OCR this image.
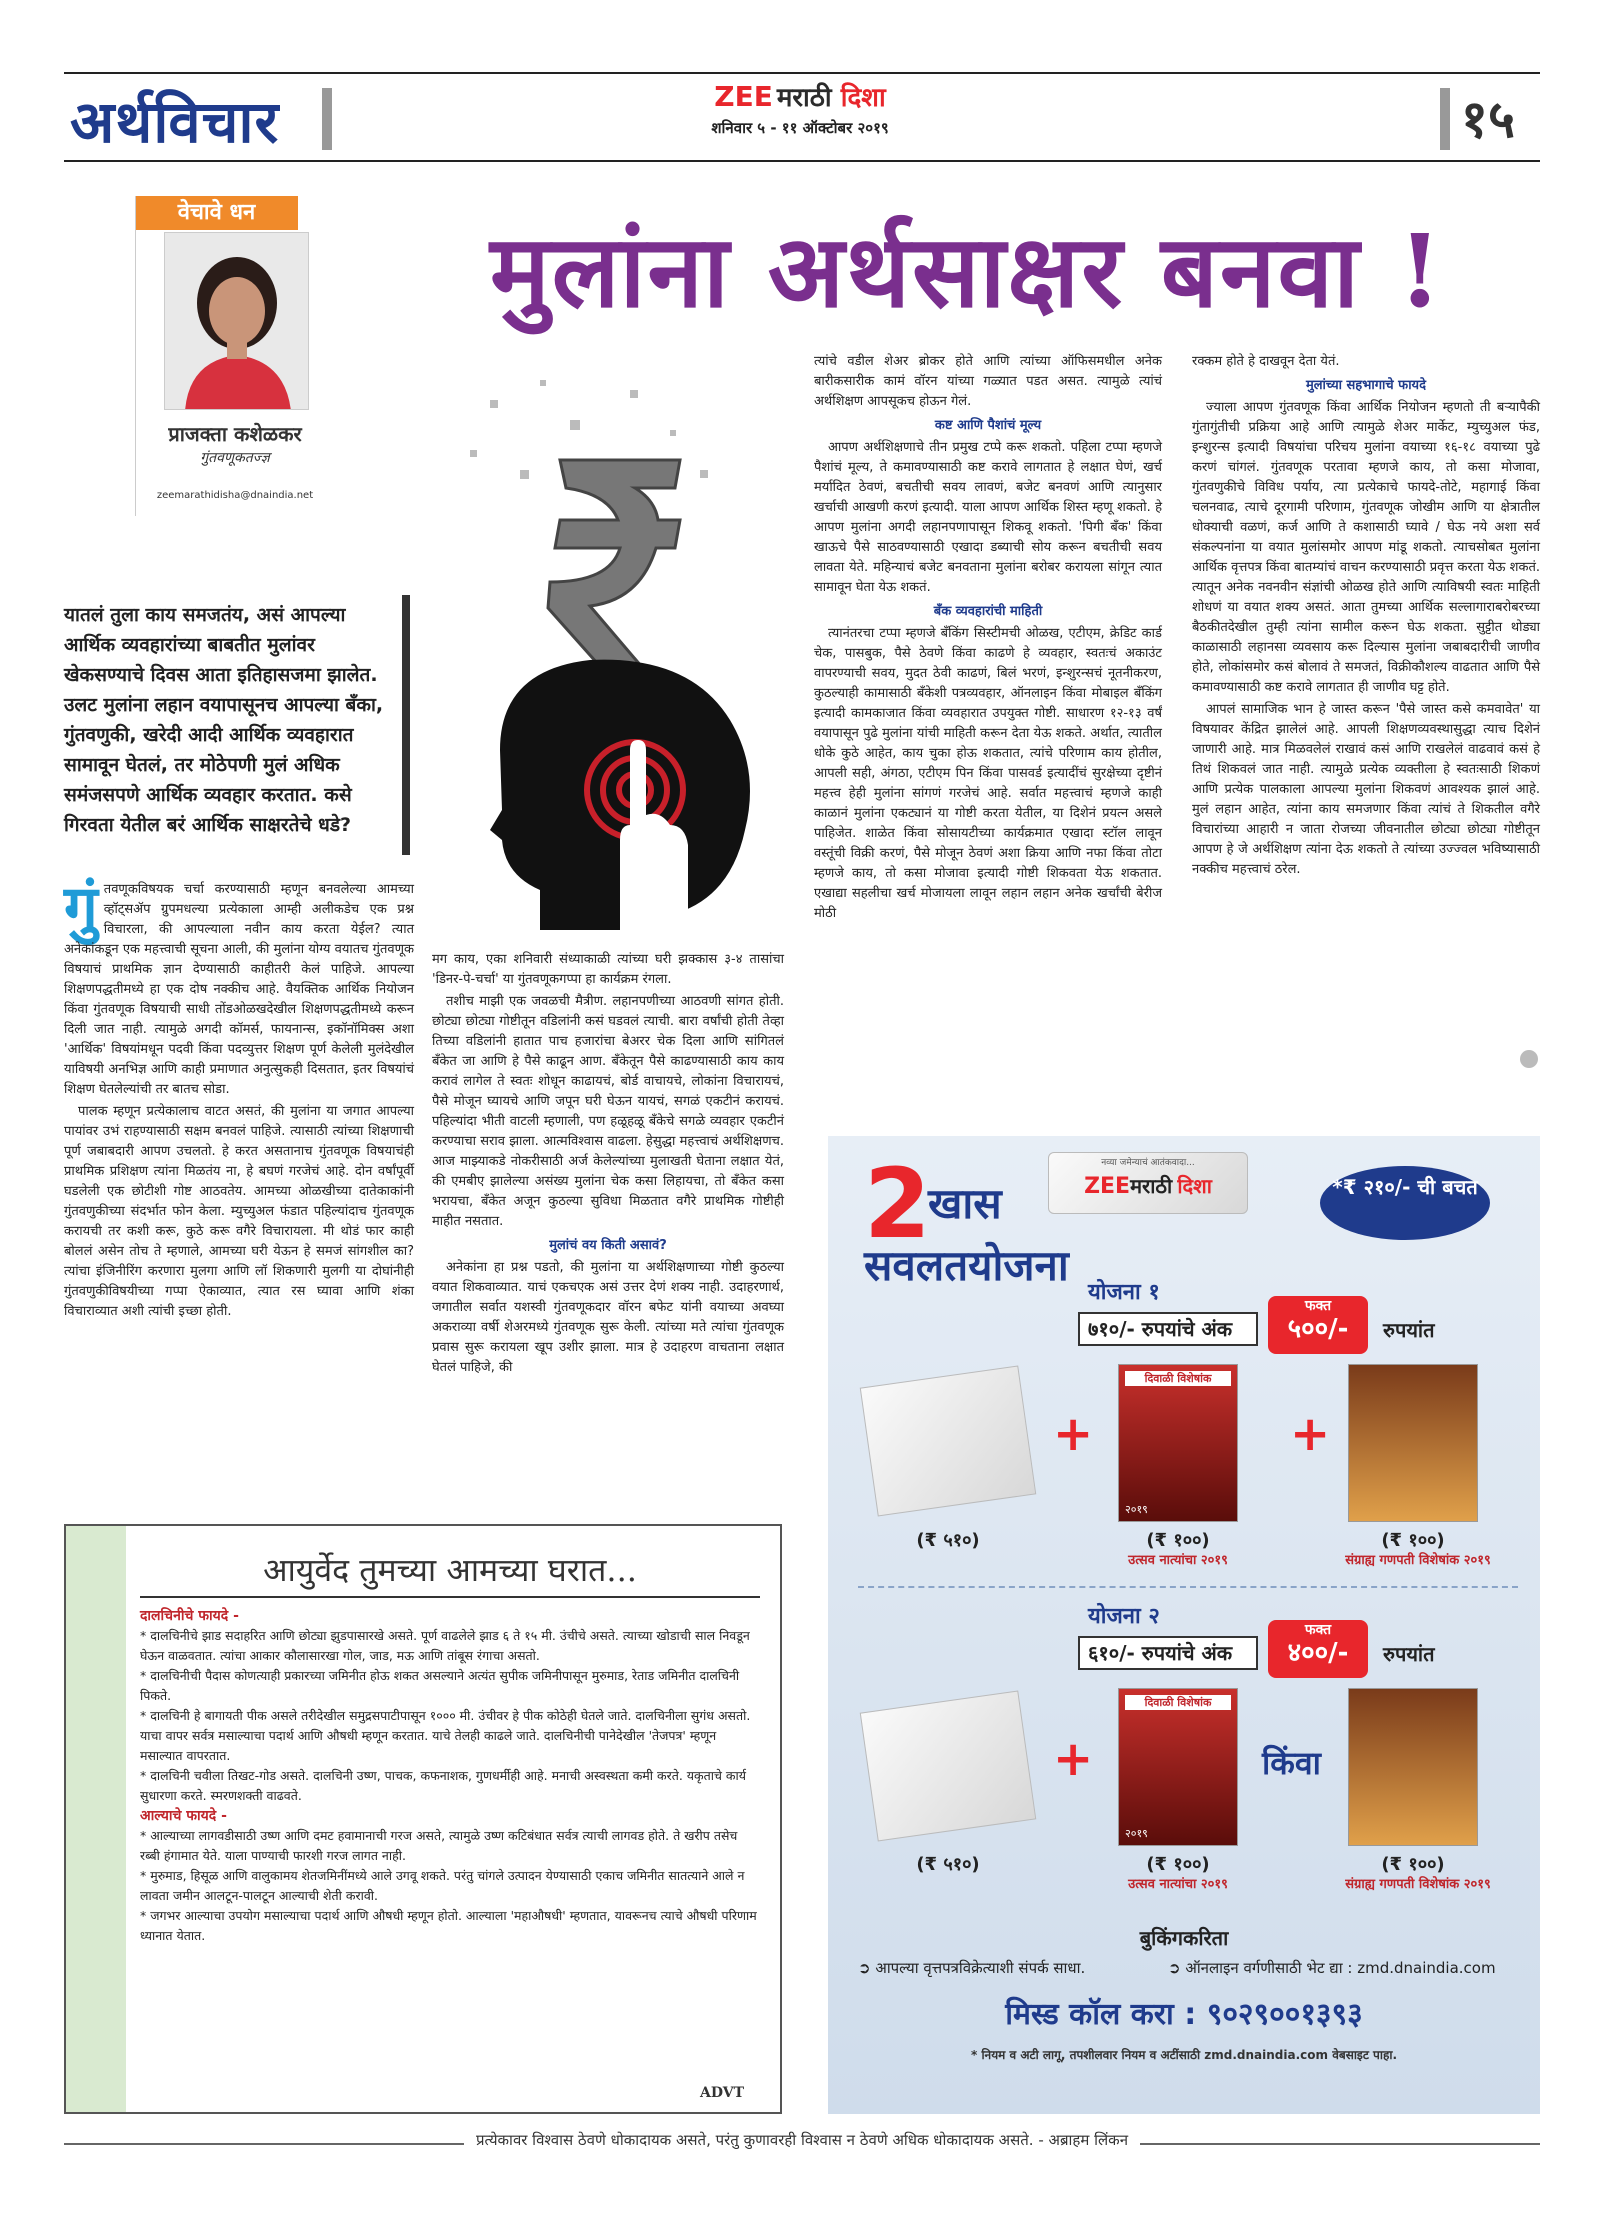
अर्थविचार	ZEE मराठी दिशा
शनिवार ५ - ११ ऑक्टोबर २०१९	१५
वेचावे धन
प्राजक्ता कशेळकर
गुंतवणूकतज्ज्ञ
zeemarathidisha@dnaindia.net
मुलांना अर्थसाक्षर बनवा !
यातलं तुला काय समजतंय, असं आपल्या आर्थिक व्यवहारांच्या बाबतीत मुलांवर खेकसण्याचे दिवस आता इतिहासजमा झालेत. उलट मुलांना लहान वयापासूनच आपल्या बँका, गुंतवणुकी, खरेदी आदी आर्थिक व्यवहारात सामावून घेतलं, तर मोठेपणी मुलं अधिक समंजसपणे आर्थिक व्यवहार करतात. कसे गिरवता येतील बरं आर्थिक साक्षरतेचे धडे?

गुंतवणूकविषयक चर्चा करण्यासाठी म्हणून बनवलेल्या आमच्या व्हॉट्सॲप ग्रुपमधल्या प्रत्येकाला आम्ही अलीकडेच एक प्रश्न विचारला, की आपल्याला नवीन काय करता येईल? त्यात अनेकांकडून एक महत्त्वाची सूचना आली, की मुलांना योग्य वयातच गुंतवणूक विषयाचं प्राथमिक ज्ञान देण्यासाठी काहीतरी केलं पाहिजे. आपल्या शिक्षणपद्धतीमध्ये हा एक दोष नक्कीच आहे. वैयक्तिक आर्थिक नियोजन किंवा गुंतवणूक विषयाची साधी तोंडओळखदेखील शिक्षणपद्धतीमध्ये करून दिली जात नाही. त्यामुळे अगदी कॉमर्स, फायनान्स, इकॉनॉमिक्स अशा 'आर्थिक' विषयांमधून पदवी किंवा पदव्युत्तर शिक्षण पूर्ण केलेली मुलंदेखील याविषयी अनभिज्ञ आणि काही प्रमाणात अनुत्सुकही दिसतात, इतर विषयांचं शिक्षण घेतलेल्यांची तर बातच सोडा.

पालक म्हणून प्रत्येकालाच वाटत असतं, की मुलांना या जगात आपल्या पायांवर उभं राहण्यासाठी सक्षम बनवलं पाहिजे. त्यासाठी त्यांच्या शिक्षणाची पूर्ण जबाबदारी आपण उचलतो. हे करत असतानाच गुंतवणूक विषयाचंही प्राथमिक प्रशिक्षण त्यांना मिळतंय ना, हे बघणं गरजेचं आहे. दोन वर्षांपूर्वी घडलेली एक छोटीशी गोष्ट आठवतेय. आमच्या ओळखीच्या दातेकाकांनी गुंतवणुकीच्या संदर्भात फोन केला. म्युच्युअल फंडात पहिल्यांदाच गुंतवणूक करायची तर कशी करू, कुठे करू वगैरे विचारायला. मी थोडं फार काही बोललं असेन तोच ते म्हणाले, आमच्या घरी येऊन हे समजं सांगशील का? त्यांचा इंजिनीरिंग करणारा मुलगा आणि लॉ शिकणारी मुलगी या दोघांनीही गुंतवणुकीविषयीच्या गप्पा ऐकाव्यात, त्यात रस घ्यावा आणि शंका विचाराव्यात अशी त्यांची इच्छा होती.

मग काय, एका शनिवारी संध्याकाळी त्यांच्या घरी झक्कास ३-४ तासांचा 'डिनर-पे-चर्चा' या गुंतवणूकगप्पा हा कार्यक्रम रंगला.

तशीच माझी एक जवळची मैत्रीण. लहानपणीच्या आठवणी सांगत होती. छोट्या छोट्या गोष्टीतून वडिलांनी कसं घडवलं त्याची. बारा वर्षांची होती तेव्हा तिच्या वडिलांनी हातात पाच हजारांचा बेअरर चेक दिला आणि सांगितलं बँकेत जा आणि हे पैसे काढून आण. बँकेतून पैसे काढण्यासाठी काय काय करावं लागेल ते स्वतः शोधून काढायचं, बोर्ड वाचायचे, लोकांना विचारायचं, पैसे मोजून घ्यायचे आणि जपून घरी घेऊन यायचं, सगळं एकटीनं करायचं. पहिल्यांदा भीती वाटली म्हणाली, पण हळूहळू बँकेचे सगळे व्यवहार एकटीनं करण्याचा सराव झाला. आत्मविश्वास वाढला. हेसुद्धा महत्त्वाचं अर्थशिक्षणच. आज माझ्याकडे नोकरीसाठी अर्ज केलेल्यांच्या मुलाखती घेताना लक्षात येतं, की एमबीए झालेल्या असंख्य मुलांना चेक कसा लिहायचा, तो बँकेत कसा भरायचा, बँकेत अजून कुठल्या सुविधा मिळतात वगैरे प्राथमिक गोष्टीही माहीत नसतात.

मुलांचं वय किती असावं?

अनेकांना हा प्रश्न पडतो, की मुलांना या अर्थशिक्षणाच्या गोष्टी कुठल्या वयात शिकवाव्यात. याचं एकचएक असं उत्तर देणं शक्य नाही. उदाहरणार्थ, जगातील सर्वात यशस्वी गुंतवणूकदार वॉरन बफेट यांनी वयाच्या अवघ्या अकराव्या वर्षी शेअरमध्ये गुंतवणूक सुरू केली. त्यांच्या मते त्यांचा गुंतवणूक प्रवास सुरू करायला खूप उशीर झाला. मात्र हे उदाहरण वाचताना लक्षात घेतलं पाहिजे, की

त्यांचे वडील शेअर ब्रोकर होते आणि त्यांच्या ऑफिसमधील अनेक बारीकसारीक कामं वॉरन यांच्या गळ्यात पडत असत. त्यामुळे त्यांचं अर्थशिक्षण आपसूकच होऊन गेलं.

कष्ट आणि पैशांचं मूल्य

आपण अर्थशिक्षणाचे तीन प्रमुख टप्पे करू शकतो. पहिला टप्पा म्हणजे पैशांचं मूल्य, ते कमावण्यासाठी कष्ट करावे लागतात हे लक्षात घेणं, खर्च मर्यादित ठेवणं, बचतीची सवय लावणं, बजेट बनवणं आणि त्यानुसार खर्चाची आखणी करणं इत्यादी. याला आपण आर्थिक शिस्त म्हणू शकतो. हे आपण मुलांना अगदी लहानपणापासून शिकवू शकतो. 'पिगी बँक' किंवा खाऊचे पैसे साठवण्यासाठी एखादा डब्याची सोय करून बचतीची सवय लावता येते. महिन्याचं बजेट बनवताना मुलांना बरोबर करायला सांगून त्यात सामावून घेता येऊ शकतं.

बँक व्यवहारांची माहिती

त्यानंतरचा टप्पा म्हणजे बँकिंग सिस्टीमची ओळख, एटीएम, क्रेडिट कार्ड चेक, पासबुक, पैसे ठेवणे किंवा काढणे हे व्यवहार, स्वतःचं अकाउंट वापरण्याची सवय, मुदत ठेवी काढणं, बिलं भरणं, इन्शुरन्सचं नूतनीकरण, कुठल्याही कामासाठी बँकेशी पत्रव्यवहार, ऑनलाइन किंवा मोबाइल बँकिंग इत्यादी कामकाजात किंवा व्यवहारात उपयुक्त गोष्टी. साधारण १२-१३ वर्षं वयापासून पुढे मुलांना यांची माहिती करून देता येऊ शकते. अर्थात, त्यातील धोके कुठे आहेत, काय चुका होऊ शकतात, त्यांचे परिणाम काय होतील, आपली सही, अंगठा, एटीएम पिन किंवा पासवर्ड इत्यादींचं सुरक्षेच्या दृष्टीनं महत्त्व हेही मुलांना सांगणं गरजेचं आहे. सर्वात महत्त्वाचं म्हणजे काही काळानं मुलांना एकट्यानं या गोष्टी करता येतील, या दिशेनं प्रयत्न असले पाहिजेत. शाळेत किंवा सोसायटीच्या कार्यक्रमात एखादा स्टॉल लावून वस्तूंची विक्री करणं, पैसे मोजून ठेवणं अशा क्रिया आणि नफा किंवा तोटा म्हणजे काय, तो कसा मोजावा इत्यादी गोष्टी शिकवता येऊ शकतात. एखाद्या सहलीचा खर्च मोजायला लावून लहान लहान अनेक खर्चांची बेरीज मोठी

रक्कम होते हे दाखवून देता येतं.

मुलांच्या सहभागाचे फायदे

ज्याला आपण गुंतवणूक किंवा आर्थिक नियोजन म्हणतो ती बऱ्यापैकी गुंतागुंतीची प्रक्रिया आहे आणि त्यामुळे शेअर मार्केट, म्युच्युअल फंड, इन्शुरन्स इत्यादी विषयांचा परिचय मुलांना वयाच्या १६-१८ वयाच्या पुढे करणं चांगलं. गुंतवणूक परतावा म्हणजे काय, तो कसा मोजावा, गुंतवणुकीचे विविध पर्याय, त्या प्रत्येकाचे फायदे-तोटे, महागाई किंवा चलनवाढ, त्याचे दूरगामी परिणाम, गुंतवणूक जोखीम आणि या क्षेत्रातील धोक्याची वळणं, कर्ज आणि ते कशासाठी घ्यावे / घेऊ नये अशा सर्व संकल्पनांना या वयात मुलांसमोर आपण मांडू शकतो. त्याचसोबत मुलांना आर्थिक वृत्तपत्र किंवा बातम्यांचं वाचन करण्यासाठी प्रवृत्त करता येऊ शकतं. त्यातून अनेक नवनवीन संज्ञांची ओळख होते आणि त्याविषयी स्वतः माहिती शोधणं या वयात शक्य असतं. आता तुमच्या आर्थिक सल्लागाराबरोबरच्या बैठकीतदेखील तुम्ही त्यांना सामील करून घेऊ शकता. सुट्टीत थोड्या काळासाठी लहानसा व्यवसाय करू दिल्यास मुलांना जबाबदारीची जाणीव होते, लोकांसमोर कसं बोलावं ते समजतं, विक्रीकौशल्य वाढतात आणि पैसे कमावण्यासाठी कष्ट करावे लागतात ही जाणीव घट्ट होते.

आपलं सामाजिक भान हे जास्त करून 'पैसे जास्त कसे कमवावेत' या विषयावर केंद्रित झालेलं आहे. आपली शिक्षणव्यवस्थासुद्धा त्याच दिशेनं जाणारी आहे. मात्र मिळवलेलं राखावं कसं आणि राखलेलं वाढवावं कसं हे तिथं शिकवलं जात नाही. त्यामुळे प्रत्येक व्यक्तीला हे स्वतःसाठी शिकणं आणि प्रत्येक पालकाला आपल्या मुलांना शिकवणं आवश्यक झालं आहे. मुलं लहान आहेत, त्यांना काय समजणार किंवा त्यांचं ते शिकतील वगैरे विचारांच्या आहारी न जाता रोजच्या जीवनातील छोट्या छोट्या गोष्टीतून आपण हे जे अर्थशिक्षण त्यांना देऊ शकतो ते त्यांच्या उज्ज्वल भविष्यासाठी नक्कीच महत्त्वाचं ठरेल.

आयुर्वेद तुमच्या आमच्या घरात...
दालचिनीचे फायदे -
* दालचिनीचे झाड सदाहरित आणि छोट्या झुडपासारखे असते. पूर्ण वाढलेले झाड ६ ते १५ मी. उंचीचे असते. त्याच्या खोडाची साल निवडून घेऊन वाळवतात. त्यांचा आकार कौलासारखा गोल, जाड, मऊ आणि तांबूस रंगाचा असतो.
* दालचिनीची पैदास कोणत्याही प्रकारच्या जमिनीत होऊ शकत असल्याने अत्यंत सुपीक जमिनीपासून मुरुमाड, रेताड जमिनीत दालचिनी पिकते.
* दालचिनी हे बागायती पीक असले तरीदेखील समुद्रसपाटीपासून १००० मी. उंचीवर हे पीक कोठेही घेतले जाते. दालचिनीला सुगंध असतो. याचा वापर सर्वत्र मसाल्याचा पदार्थ आणि औषधी म्हणून करतात. याचे तेलही काढले जाते. दालचिनीची पानेदेखील 'तेजपत्र' म्हणून मसाल्यात वापरतात.
* दालचिनी चवीला तिखट-गोड असते. दालचिनी उष्ण, पाचक, कफनाशक, गुणधर्मीही आहे. मनाची अस्वस्थता कमी करते. यकृताचे कार्य सुधारणा करते. स्मरणशक्ती वाढवते.
आल्याचे फायदे -
* आल्याच्या लागवडीसाठी उष्ण आणि दमट हवामानाची गरज असते, त्यामुळे उष्ण कटिबंधात सर्वत्र त्याची लागवड होते. ते खरीप तसेच रब्बी हंगामात येते. याला पाण्याची फारशी गरज लागत नाही.
* मुरुमाड, हिसूळ आणि वालुकामय शेतजमिनींमध्ये आले उगवू शकते. परंतु चांगले उत्पादन येण्यासाठी एकाच जमिनीत सातत्याने आले न लावता जमीन आलटून-पालटून आल्याची शेती करावी.
* जगभर आल्याचा उपयोग मसाल्याचा पदार्थ आणि औषधी म्हणून होतो. आल्याला 'महाऔषधी' म्हणतात, यावरूनच त्याचे औषधी परिणाम ध्यानात येतात.
ADVT
2
खास
सवलतयोजना
नव्या जमेन्याचं आतंकवादा...
ZEEमराठी दिशा	*₹ २१०/- ची बचत
योजना १
७१०/- रुपयांचे अंक
फक्त
५००/-	रुपयांत
+
दिवाळी विशेषांक
२०१९
+
(₹ ५१०)	(₹ १००)
उत्सव नात्यांचा २०१९
(₹ १००)
संग्राह्य गणपती विशेषांक २०१९
योजना २
६१०/- रुपयांचे अंक
फक्त
४००/-	रुपयांत
+
दिवाळी विशेषांक
२०१९
किंवा
(₹ ५१०)	(₹ १००)
उत्सव नात्यांचा २०१९
(₹ १००)
संग्राह्य गणपती विशेषांक २०१९
बुकिंगकरिता
➲ आपल्या वृत्तपत्रविक्रेत्याशी संपर्क साधा.	➲ ऑनलाइन वर्गणीसाठी भेट द्या : zmd.dnaindia.com
मिस्ड कॉल करा : ९०२९००१३९३
* नियम व अटी लागू, तपशीलवार नियम व अटींसाठी zmd.dnaindia.com वेबसाइट पाहा.
प्रत्येकावर विश्वास ठेवणे धोकादायक असते, परंतु कुणावरही विश्वास न ठेवणे अधिक धोकादायक असते. - अब्राहम लिंकन
